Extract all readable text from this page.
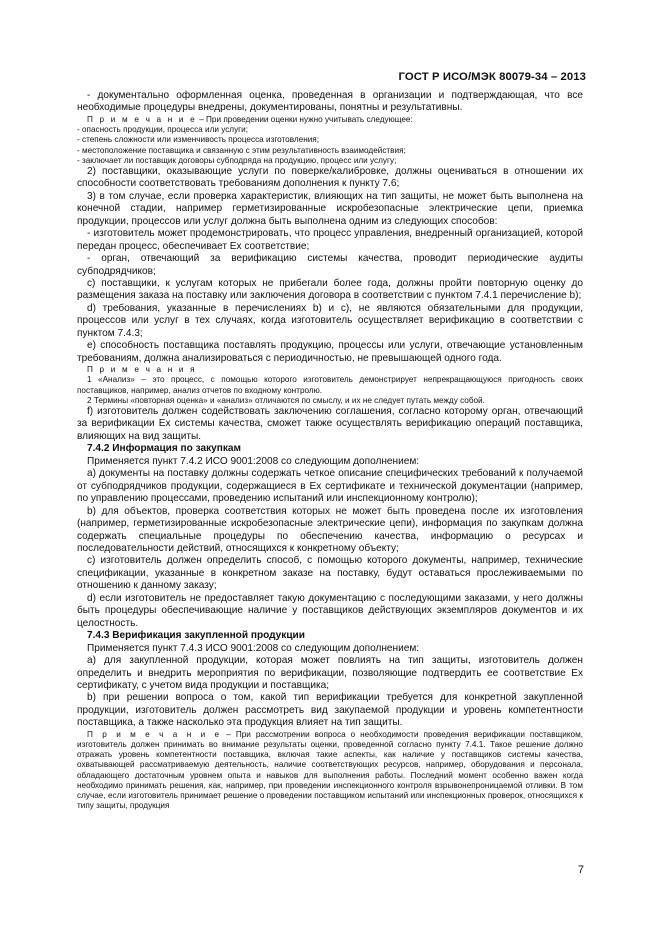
ГОСТ Р ИСО/МЭК 80079-34 – 2013

- документально оформленная оценка, проведенная в организации и подтверждающая, что все необходимые процедуры внедрены, документированы, понятны и результативны.

П р и м е ч а н и е – При проведении оценки нужно учитывать следующее:

- опасность продукции, процесса или услуги;

- степень сложности или изменчивость процесса изготовления;

- местоположение поставщика и связанную с этим результативность взаимодействия;

- заключает ли поставщик договоры субподряда на продукцию, процесс или услугу;

2) поставщики, оказывающие услуги по поверке/калибровке, должны оцениваться в отношении их способности соответствовать требованиям дополнения к пункту 7.6;

3) в том случае, если проверка характеристик, влияющих на тип защиты, не может быть выполнена на конечной стадии, например герметизированные искробезопасные электрические цепи, приемка продукции, процессов или услуг должна быть выполнена одним из следующих способов:

- изготовитель может продемонстрировать, что процесс управления, внедренный организацией, которой передан процесс, обеспечивает Ех соответствие;

- орган, отвечающий за верификацию системы качества, проводит периодические аудиты субподрядчиков;

с) поставщики, к услугам которых не прибегали более года, должны пройти повторную оценку до размещения заказа на поставку или заключения договора в соответствии с пунктом 7.4.1 перечисление b);

d) требования, указанные в перечислениях b) и с), не являются обязательными для продукции, процессов или услуг в тех случаях, когда изготовитель осуществляет верификацию в соответствии с пунктом 7.4.3;

е) способность поставщика поставлять продукцию, процессы или услуги, отвечающие установленным требованиям, должна анализироваться с периодичностью, не превышающей одного года.

П р и м е ч а н и я

1 «Анализ» – это процесс, с помощью которого изготовитель демонстрирует непрекращающуюся пригодность своих поставщиков, например, анализ отчетов по входному контролю.

2 Термины «повторная оценка» и «анализ» отличаются по смыслу, и их не следует путать между собой.

f) изготовитель должен содействовать заключению соглашения, согласно которому орган, отвечающий за верификации Ех системы качества, сможет также осуществлять верификацию операций поставщика, влияющих на вид защиты.

7.4.2 Информация по закупкам

Применяется пункт 7.4.2 ИСО 9001:2008 со следующим дополнением:

а) документы на поставку должны содержать четкое описание специфических требований к получаемой от субподрядчиков продукции, содержащиеся в Ех сертификате и технической документации (например, по управлению процессами, проведению испытаний или инспекционному контролю);

b) для объектов, проверка соответствия которых не может быть проведена после их изготовления (например, герметизированные искробезопасные электрические цепи), информация по закупкам должна содержать специальные процедуры по обеспечению качества, информацию о ресурсах и последовательности действий, относящихся к конкретному объекту;

с) изготовитель должен определить способ, с помощью которого документы, например, технические спецификации, указанные в конкретном заказе на поставку, будут оставаться прослеживаемыми по отношению к данному заказу;

d) если изготовитель не предоставляет такую документацию с последующими заказами, у него должны быть процедуры обеспечивающие наличие у поставщиков действующих экземпляров документов и их целостность.

7.4.3 Верификация закупленной продукции

Применяется пункт 7.4.3 ИСО 9001:2008 со следующим дополнением:

а) для закупленной продукции, которая может повлиять на тип защиты, изготовитель должен определить и внедрить мероприятия по верификации, позволяющие подтвердить ее соответствие Ех сертификату, с учетом вида продукции и поставщика;

b) при решении вопроса о том, какой тип верификации требуется для конкретной закупленной продукции, изготовитель должен рассмотреть вид закупаемой продукции и уровень компетентности поставщика, а также насколько эта продукция влияет на тип защиты.

П р и м е ч а н и е – При рассмотрении вопроса о необходимости проведения верификации поставщиком, изготовитель должен принимать во внимание результаты оценки, проведенной согласно пункту 7.4.1. Такое решение должно отражать уровень компетентности поставщика, включая такие аспекты, как наличие у поставщиков системы качества, охватывающей рассматриваемую деятельность, наличие соответствующих ресурсов, например, оборудования и персонала, обладающего достаточным уровнем опыта и навыков для выполнения работы. Последний момент особенно важен когда необходимо принимать решения, как, например, при проведении инспекционного контроля взрывонепроницаемой отливки. В том случае, если изготовитель принимает решение о проведении поставщиком испытаний или инспекционных проверок, относящихся к типу защиты, продукция

7
